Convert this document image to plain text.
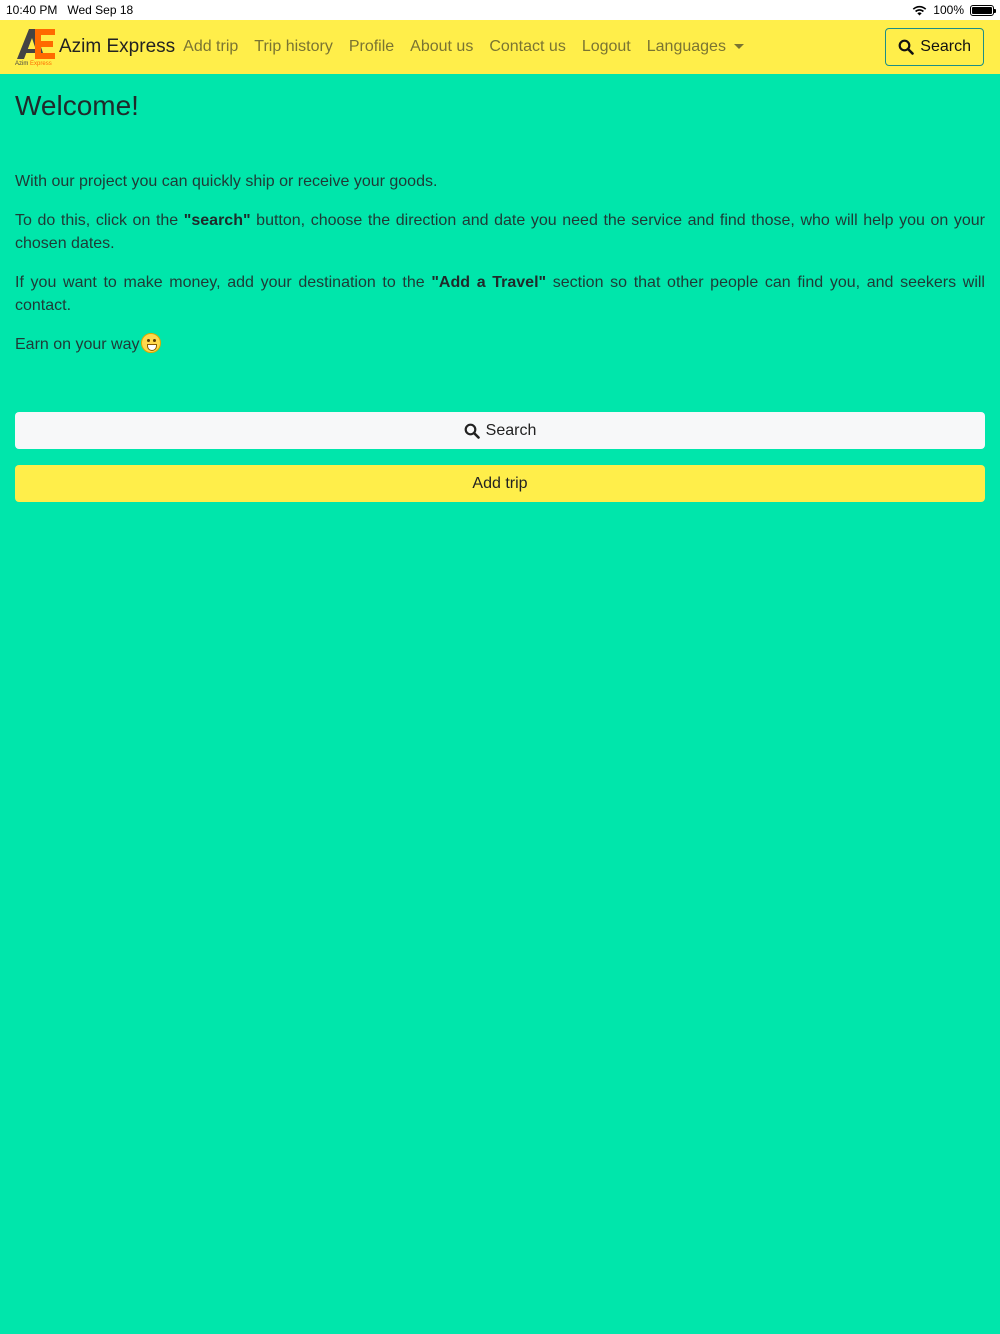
10:40 PM Wed Sep 18	100%
Azim Express
Azim Express Add trip Trip history Profile About us Contact us Logout Languages	Search
Welcome!

With our project you can quickly ship or receive your goods.

To do this, click on the "search" button, choose the direction and date you need the service and find those, who will help you on your chosen dates.

If you want to make money, add your destination to the "Add a Travel" section so that other people can find you, and seekers will contact.

Earn on your way

Search
Add trip
